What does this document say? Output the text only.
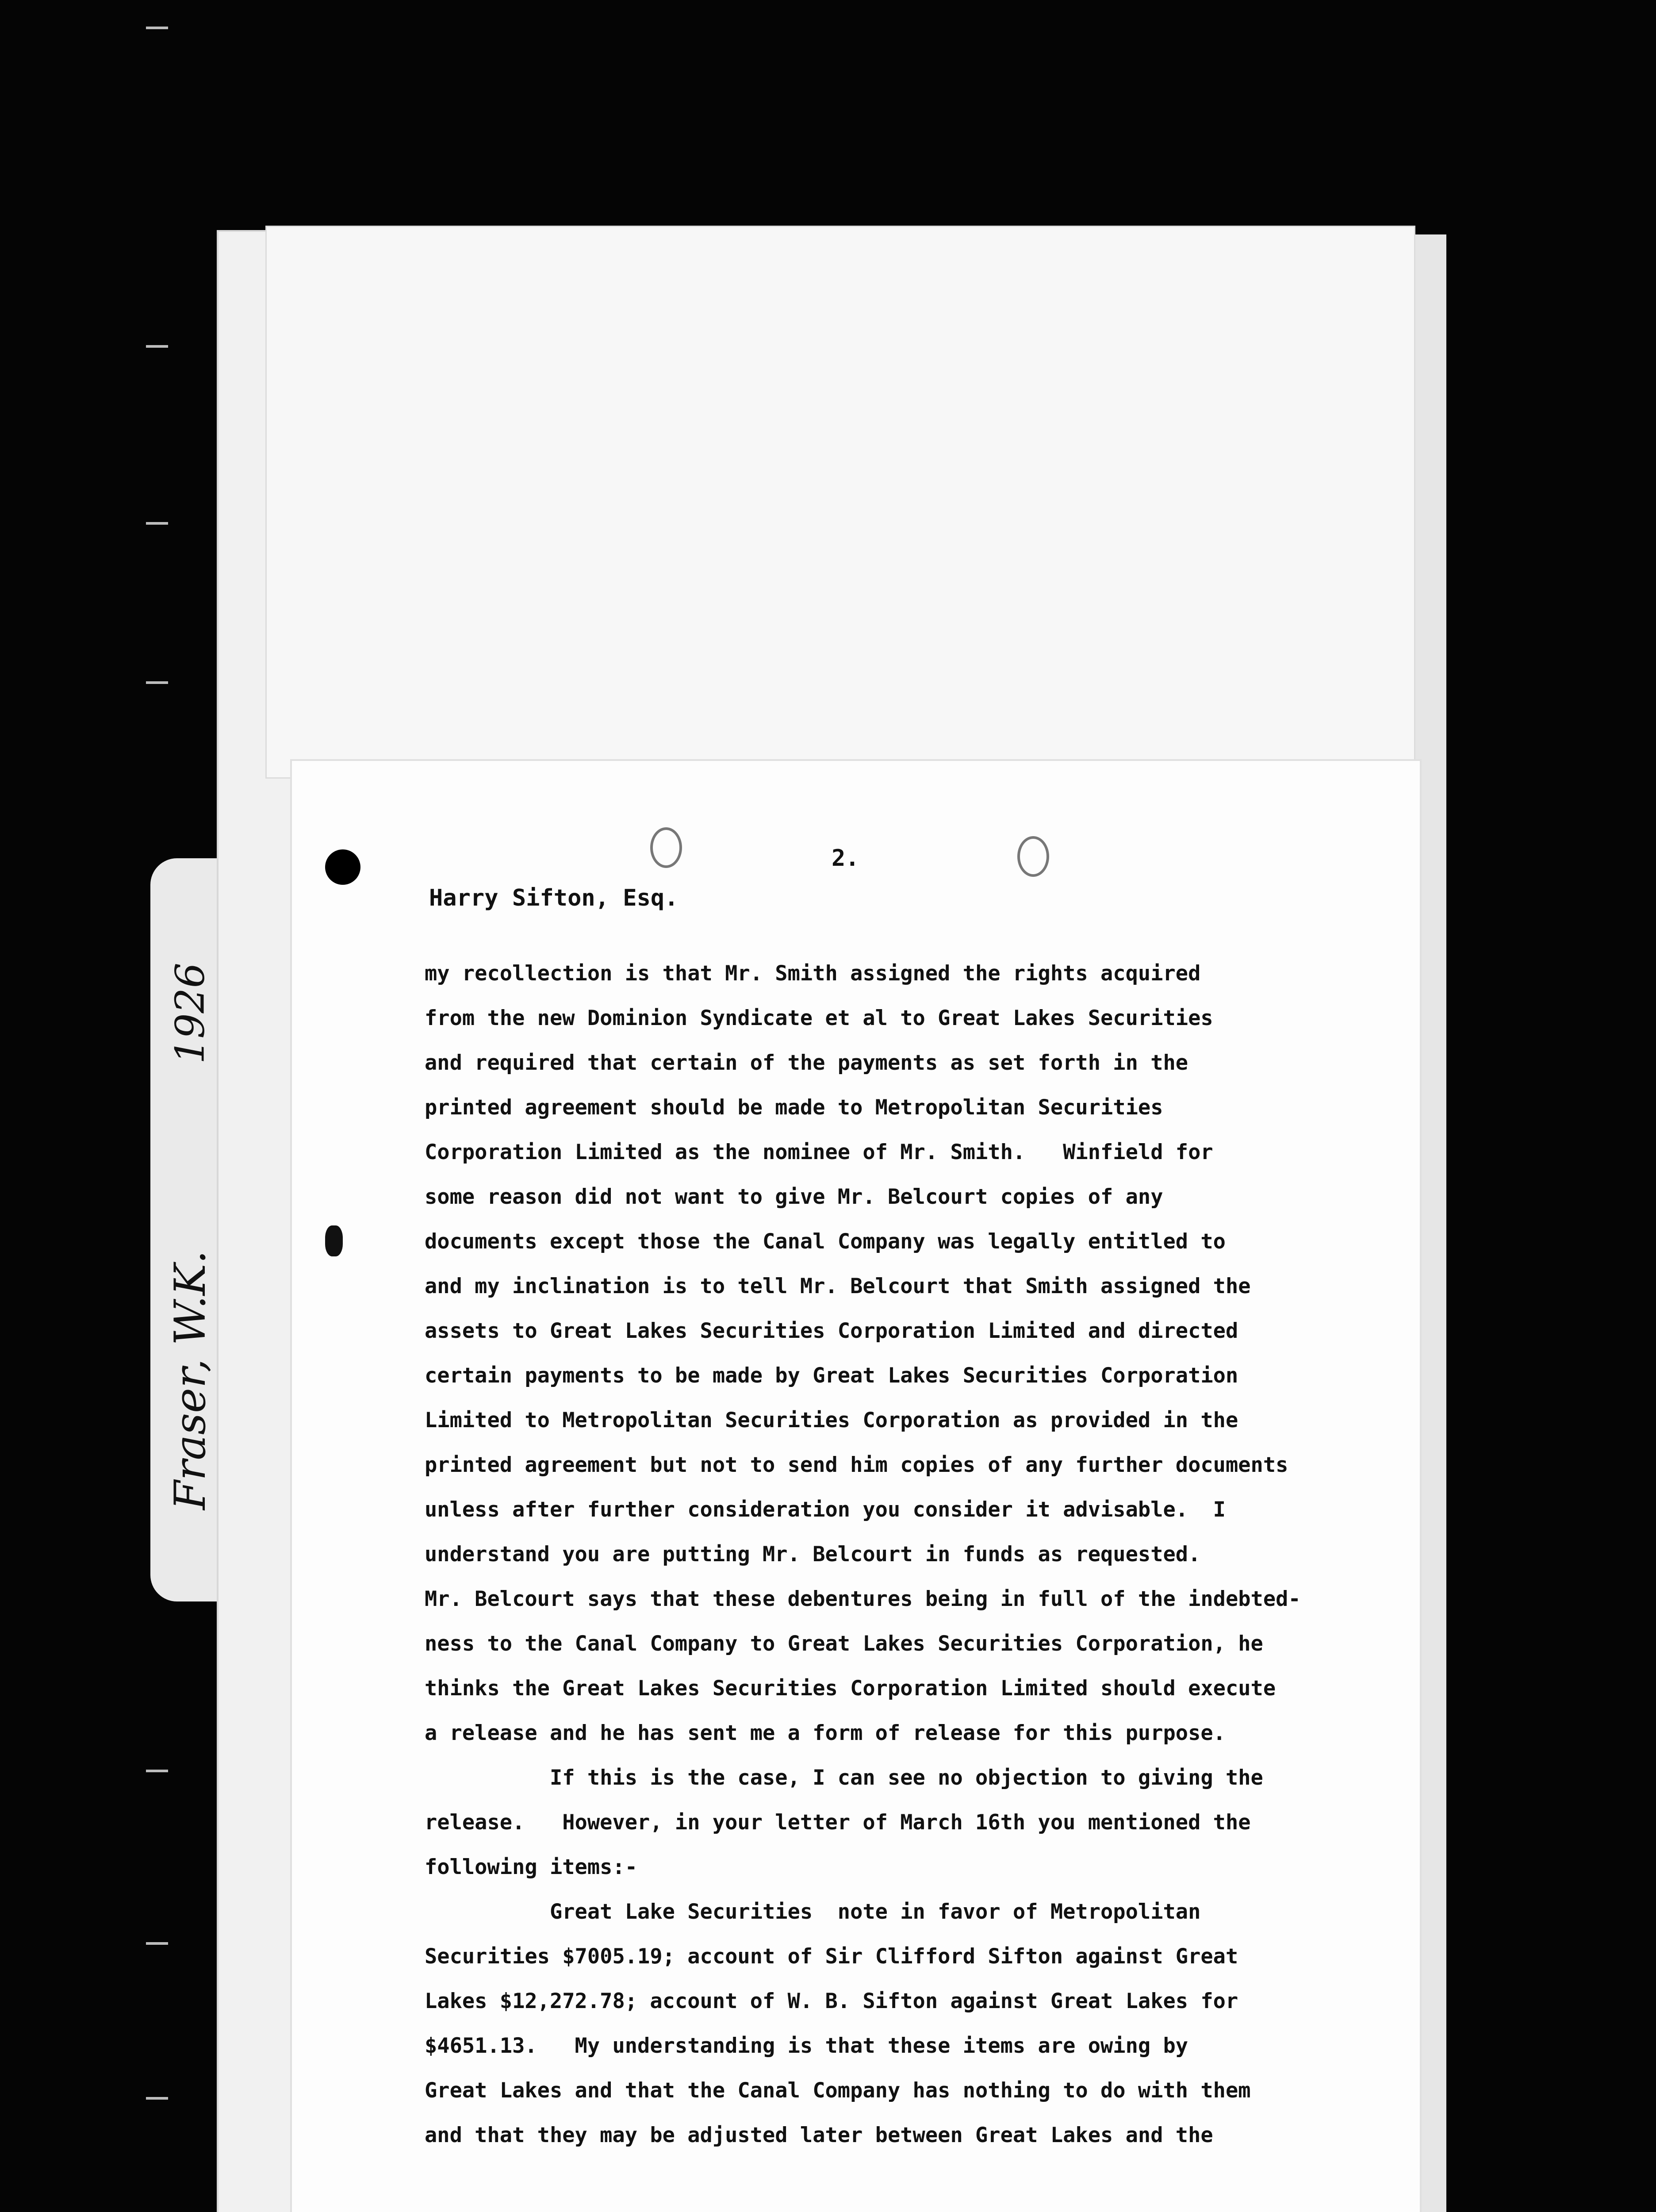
1926
Fraser, W.K.
2.
Harry Sifton, Esq.
my recollection is that Mr. Smith assigned the rights acquired
from the new Dominion Syndicate et al to Great Lakes Securities
and required that certain of the payments as set forth in the
printed agreement should be made to Metropolitan Securities
Corporation Limited as the nominee of Mr. Smith.   Winfield for
some reason did not want to give Mr. Belcourt copies of any
documents except those the Canal Company was legally entitled to
and my inclination is to tell Mr. Belcourt that Smith assigned the
assets to Great Lakes Securities Corporation Limited and directed
certain payments to be made by Great Lakes Securities Corporation
Limited to Metropolitan Securities Corporation as provided in the
printed agreement but not to send him copies of any further documents
unless after further consideration you consider it advisable.  I
understand you are putting Mr. Belcourt in funds as requested.
Mr. Belcourt says that these debentures being in full of the indebted-
ness to the Canal Company to Great Lakes Securities Corporation, he
thinks the Great Lakes Securities Corporation Limited should execute
a release and he has sent me a form of release for this purpose.
If this is the case, I can see no objection to giving the
release.   However, in your letter of March 16th you mentioned the
following items:-
Great Lake Securities  note in favor of Metropolitan
Securities $7005.19; account of Sir Clifford Sifton against Great
Lakes $12,272.78; account of W. B. Sifton against Great Lakes for
$4651.13.   My understanding is that these items are owing by
Great Lakes and that the Canal Company has nothing to do with them
and that they may be adjusted later between Great Lakes and the
